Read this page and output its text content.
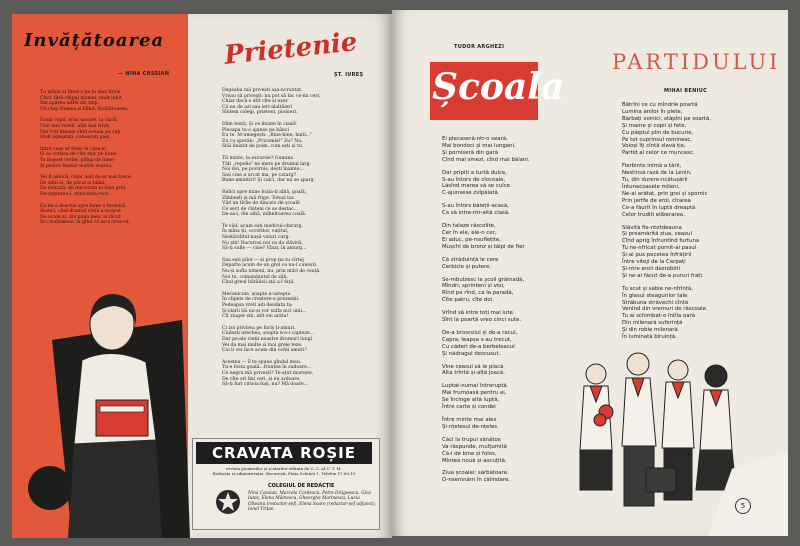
Invățătoarea
— NINA CASSIAN
Tu mînia-ai țînut-o pe la ziua tîrzie
Cînd, fără chipul mamei, mult iubit,
Îmi apărea altfel alt chip.
Un chip frumos și blînd: învățătoarea.
Eram copii, erau ușoare, la clasă.
Unii mai veseli, alții mai triști,
Dar toți țineam cînd aveam pe cap
Mult așteptați, cunoscuți pași.
Intra ceas ar fetes în care ei
Și se vorbea de cîte ziur pe lume
Ta ilopoet vorbe, plîngi de lume
Și pestre fețelor nostre soarea.
Vei fi adeică, chiar aaiț de-ar mai trece.
De zații ei, de părul ei bălai,
De morază, de dulcerata ei dius grai,
De-urpiurea-i, stincoleta rece.
Ea mi-a deschis spre lume o ferestră
Atunci, cînd drumul vieții a-nceput.
De-acum zi, din pana mea, ai făcut
Și-i mulțumesc în gînd că se-a crescut.
Prietenie
ȘT. IUREȘ
Degeaba mă privești așa-ncruntat.
Vreau să privești: nu pot să fac ce-mi ceri,
Chiar dacă-s atît cîte și ușor
Că nu de azi sau ieri-alaltăieri
Sîntem colegi, prieteni, pionieri.
Dăm testă, Și ce liniște în clasă!
Pleoapa tu-o ajunse pe bănci
Eu te. M-umegești: „Bine-bine, haiti..."
Eu cu sperăn: „Pricomie!" Zu? Nu.
Stăi liniștit de poim, cum ești și tu.
Tîi minte, la excursie? Gumina
Tăți „repelis" ne mers pe drumul larg.
Noi doi, pe povirnis, deștl înainte...
Sau cine a urcat ma, pe catarg?
Bune-amintiri! Și calci, dar nu se șparg.
Ridici spre mine foaia-ți albă, goală,
Zîmbești și mă frige. Totuși tac.
Văd un tîrîie de dincolo de școală
Ce sect de cînteni ce se deștac...
De-aici, din albă, mîhnitoarea coală.
Te văd: acum ești medicul-chirurg.
În mîna ții, ocrotitor, cuțitul,
Nestăvilitul-nașii valuri curg.
Nu știi! Bucurosi noi va da slăvirii,
Să-ți sufle — cine? Vînzi, în amurg...
Sau ești pilot — și prop ția tu vîrtej
Departe acum de-un grel ce nu-l cunoști.
Nu-și sufla nimeni, nu, prin mări de ceață.
Noi tu, comandantul de zăli,
Cînd greul bătălieii știi a-l față.
Mecanicule, șoapte n-aștepta
În clipele de creștere-a prezenții.
Pedeapsa vreti adi deodata ta:
Școlarii tăi nu-și vor sufla nici unii...
Cît ziuger știi, atît vei arăta!
Ci zoi privirea pe furiș ți-amuri,
Ciulești urechea, șoapta n-o-i capteze...
Dar pe-ale vieții noastre drumuri lungi
Vei da mai multe și mai grele teze.
Cai li vei face acum din ochii amuri?
Acestea — îl te spune gîndul meu.
Tu-e fosta goală...frunțea în sudoare...
Ce negru mă privești? Te-ațut morește,
De cîte ori îmi ceri, și eu ardoare,
Să-ți furi cirioia fuși, nu? Mă doare...
CRAVATA ROȘIE
revista pionierilor și școlarilor editată de C. C. al U. T. M.
Redacția și administrația: București, Piața Scînteii 1. Telefon 17.60.10
COLEGIUL DE REDACȚIE
Nina Cassian, Marcela Cordescu, Petre Drăgoescu, Gica Iuteș, Elena Măinescu, Gheorghe Marinescu, Lucia Olteanu (redactor-șef), Elena Soare (redactor-șef adjunct), Ionel Trițan
TUDOR ARGHEZI
Școala
Ei plecaseră-ntr-o seară,
Mai bondoci și mai lungani,
Și porniseră din gară
Cînd mai smezi, cînd mai bălani.
Dar pripiți a turtă dulce,
S-au întors de cîocoale,
Lăsînd marea să se culce.
C-ajunsese zvîpăiată.
S-au întors băieții-acasă,
Ca să intre-ntr-altă clasă.
Din talaze răscolite,
Cer în ele, ele-n cer,
Ei aduc, pe-nsuflețite,
Mușchi de bronz și tălpi de fier
Că străduință le cere
Cerbicie și putere.
Se-mbulzesc la școli grămadă,
Mîndri, sprinteni și vioi,
Rînd pe rînd, ca la paradă,
Cîte patru, cîte doi.
Vrînd să intre toți mai iute.
Sînt la poartă vreo cinci sute.
De-a broscoiul și de-a racul,
Capra, leapșa s-au trecut,
Cu căderi de-a berbeleacul
Și nădragul descusut.
Vine ceasul să le placă
Alta trîntă și-altă joacă.
Luptat-numai întreruptă.
Mai frumoasă pentru ei,
Se încinge altă luptă,
Între carte și condei
Între minte mai ales
Și-nțelesul de-nțeles.
Căci la trupul sănătos
Va răspunde, mulțumită
Că-i de bine și folos,
Mintea nouă și-ascuțită.
Ziua școalei: sărbătoare.
O-nsemnăm în călindare.
PARTIDULUI
MIHAI BENIUC
Bătrîni ce cu mîndrie poartă
Lumina anilor în plete,
Bărbați voinici, stăpîni pe soartă,
Și mame și copii și fete,
Cu pieptul plin de bucurie,
Pe tot cuprinsul rominesc,
Voioși îți cîntă slavă ție,
Partid al celor ce muncesc.
Fierbinte inimă a țării,
Nestinsă rază de la Lenin,
Tu, din durere-ncătușării
Întunecoasele mileni,
Ne-ai arătat, prin grei și spornic
Prin jertfe de eroi, cîrarea
Ce-a făurit în luptă dreaptă
Celor truditi eliberarea.
Slăvită fie-ntotdeauna
Și preamărită ziua, ceasul
Cînd aprig înfruntînd furtuna
Tu ne-nfricat pornit-ai pasul
Și-ai pus pecetea înfrățirii
Între viteji de la Carpați
Și-ntre eroii dezrobirii
Și ne-ai făcut de-a pururi frați.
Tu scut și sabie ne-nfrîntă,
În glasul steagurilor tale
Străbuna străvechi cîntă
Venind din vremuri de răscoale.
Tu ai schimbat-o întîia oară
Din milenară suferință
Și din robie milenară
În luminată biruință.
5
